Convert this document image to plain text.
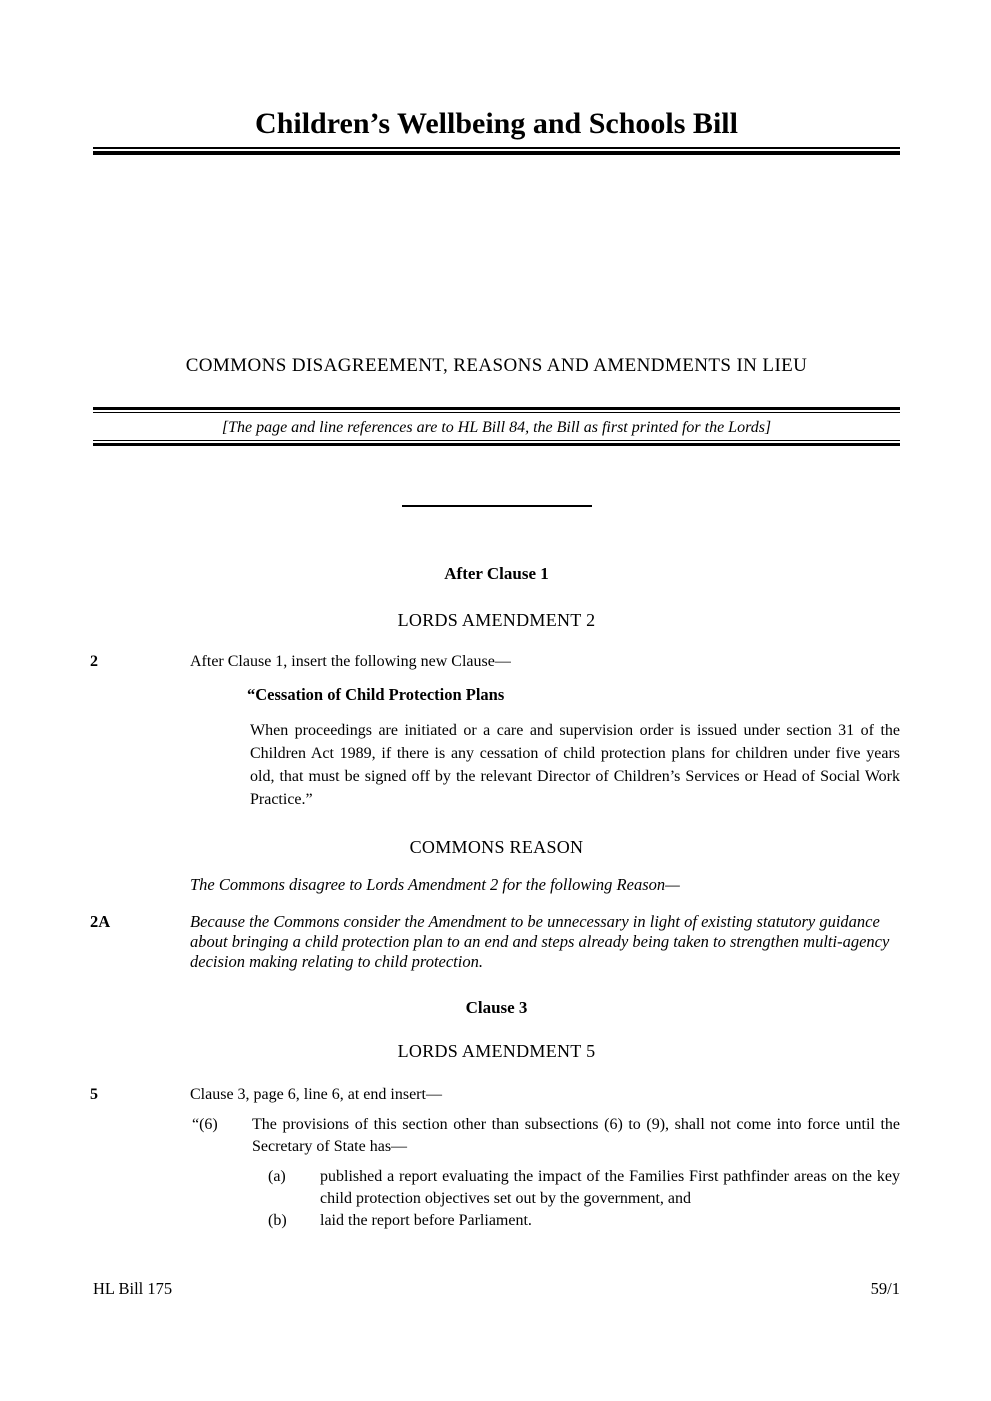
Children’s Wellbeing and Schools Bill
COMMONS DISAGREEMENT, REASONS AND AMENDMENTS IN LIEU
[The page and line references are to HL Bill 84, the Bill as first printed for the Lords]
After Clause 1
LORDS AMENDMENT 2
2	After Clause 1, insert the following new Clause—
“Cessation of Child Protection Plans
When proceedings are initiated or a care and supervision order is issued under section 31 of the Children Act 1989, if there is any cessation of child protection plans for children under five years old, that must be signed off by the relevant Director of Children’s Services or Head of Social Work Practice.”
COMMONS REASON
The Commons disagree to Lords Amendment 2 for the following Reason—
2A	Because the Commons consider the Amendment to be unnecessary in light of existing statutory guidance about bringing a child protection plan to an end and steps already being taken to strengthen multi-agency decision making relating to child protection.
Clause 3
LORDS AMENDMENT 5
5	Clause 3, page 6, line 6, at end insert—
“(6) The provisions of this section other than subsections (6) to (9), shall not come into force until the Secretary of State has—
(a) published a report evaluating the impact of the Families First pathfinder areas on the key child protection objectives set out by the government, and
(b) laid the report before Parliament.
HL Bill 175	59/1
